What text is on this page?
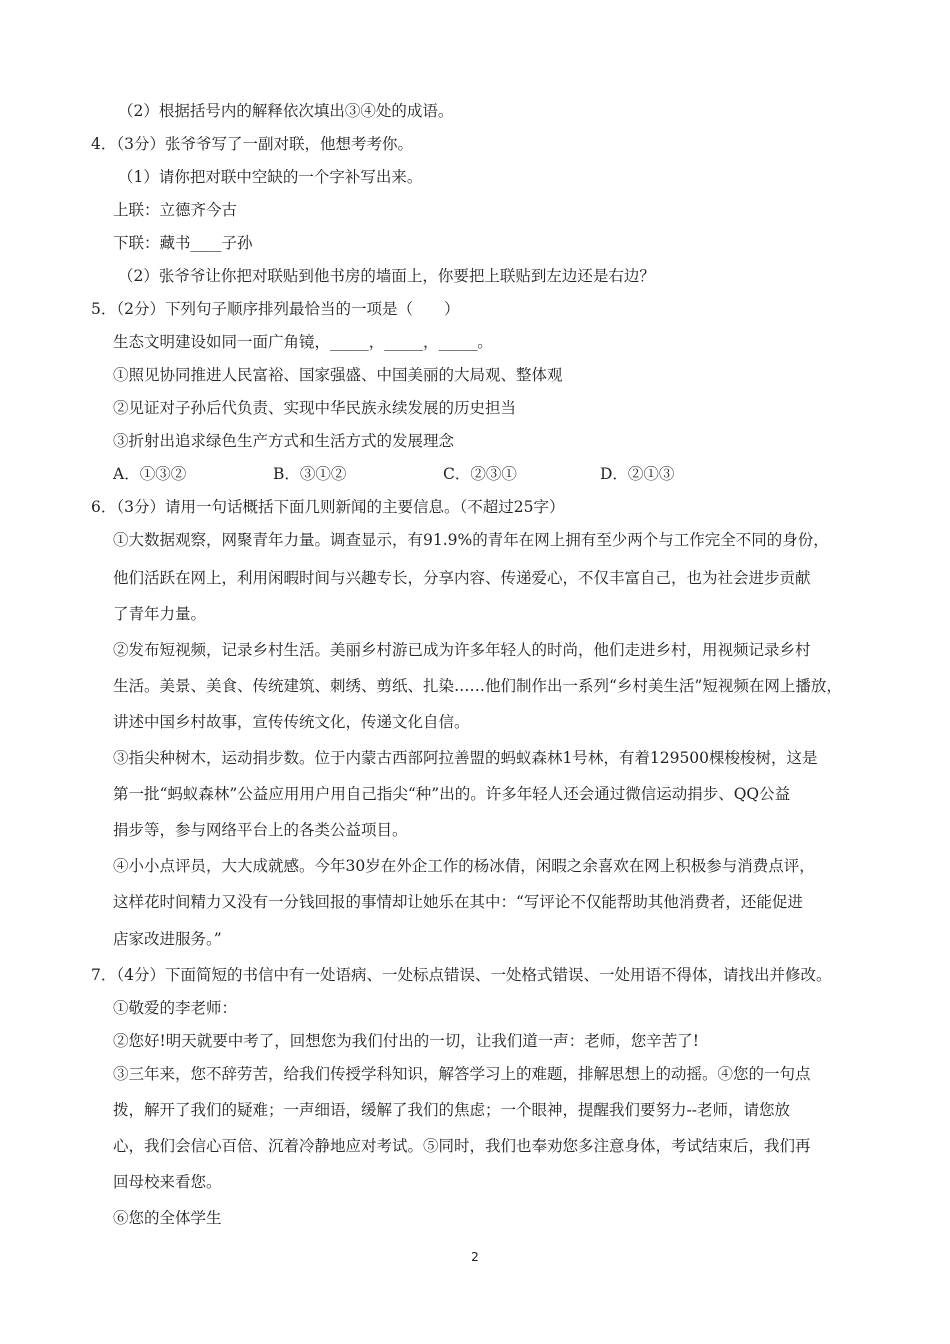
（2）根据括号内的解释依次填出③④处的成语。
4．（3分）张爷爷写了一副对联，他想考考你。
（1）请你把对联中空缺的一个字补写出来。
上联：立德齐今古
下联：藏书____子孙
（2）张爷爷让你把对联贴到他书房的墙面上，你要把上联贴到左边还是右边？
5．（2分）下列句子顺序排列最恰当的一项是（　　）
生态文明建设如同一面广角镜，_____，_____，_____。
①照见协同推进人民富裕、国家强盛、中国美丽的大局观、整体观
②见证对子孙后代负责、实现中华民族永续发展的历史担当
③折射出追求绿色生产方式和生活方式的发展理念
A．①③②	B．③①②	C．②③①	D．②①③
6．（3分）请用一句话概括下面几则新闻的主要信息。（不超过25字）
①大数据观察，网聚青年力量。调查显示，有91.9%的青年在网上拥有至少两个与工作完全不同的身份，
他们活跃在网上，利用闲暇时间与兴趣专长，分享内容、传递爱心，不仅丰富自己，也为社会进步贡献
了青年力量。
②发布短视频，记录乡村生活。美丽乡村游已成为许多年轻人的时尚，他们走进乡村，用视频记录乡村
生活。美景、美食、传统建筑、刺绣、剪纸、扎染……他们制作出一系列“乡村美生活”短视频在网上播放，
讲述中国乡村故事，宣传传统文化，传递文化自信。
③指尖种树木，运动捐步数。位于内蒙古西部阿拉善盟的蚂蚁森林1号林，有着129500棵梭梭树，这是
第一批“蚂蚁森林”公益应用用户用自己指尖“种”出的。许多年轻人还会通过微信运动捐步、QQ公益
捐步等，参与网络平台上的各类公益项目。
④小小点评员，大大成就感。今年30岁在外企工作的杨冰倩，闲暇之余喜欢在网上积极参与消费点评，
这样花时间精力又没有一分钱回报的事情却让她乐在其中：“写评论不仅能帮助其他消费者，还能促进
店家改进服务。”
7．（4分）下面简短的书信中有一处语病、一处标点错误、一处格式错误、一处用语不得体，请找出并修改。
①敬爱的李老师：
②您好!明天就要中考了，回想您为我们付出的一切，让我们道一声：老师，您辛苦了!
③三年来，您不辞劳苦，给我们传授学科知识，解答学习上的难题，排解思想上的动摇。④您的一句点
拨，解开了我们的疑难；一声细语，缓解了我们的焦虑；一个眼神，提醒我们要努力--老师，请您放
心，我们会信心百倍、沉着冷静地应对考试。⑤同时，我们也奉劝您多注意身体，考试结束后，我们再
回母校来看您。
⑥您的全体学生
2
